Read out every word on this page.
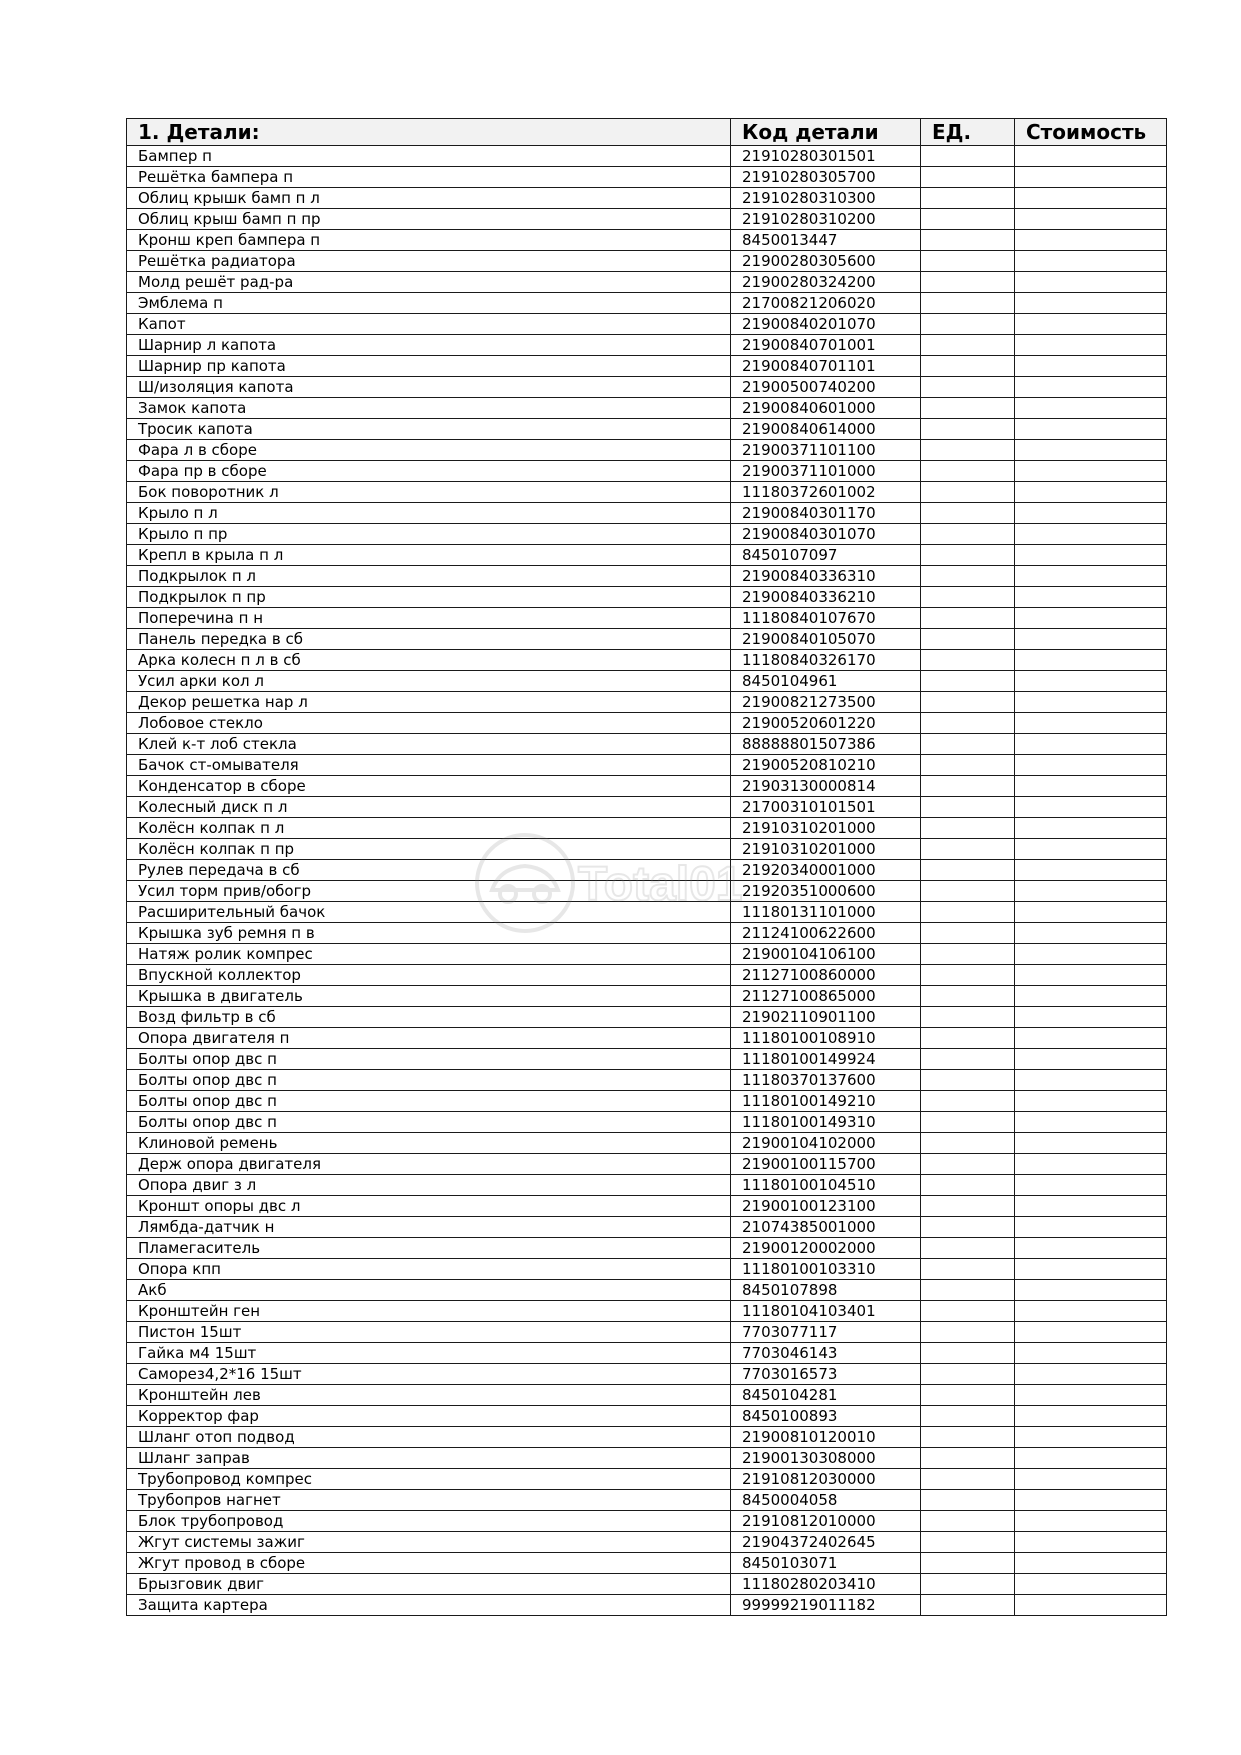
1. Детали:	Код детали	ЕД.	Стоимость
Бампер п	21910280301501		
Решётка бампера п	21910280305700		
Облиц крышк бамп п л	21910280310300		
Облиц крыш бамп п пр	21910280310200		
Кронш креп бампера п	8450013447		
Решётка радиатора	21900280305600		
Молд решёт рад-ра	21900280324200		
Эмблема п	21700821206020		
Капот	21900840201070		
Шарнир л капота	21900840701001		
Шарнир пр капота	21900840701101		
Ш/изоляция капота	21900500740200		
Замок капота	21900840601000		
Тросик капота	21900840614000		
Фара л в сборе	21900371101100		
Фара пр в сборе	21900371101000		
Бок поворотник л	11180372601002		
Крыло п л	21900840301170		
Крыло п пр	21900840301070		
Крепл в крыла п л	8450107097		
Подкрылок п л	21900840336310		
Подкрылок п пр	21900840336210		
Поперечина п н	11180840107670		
Панель передка в сб	21900840105070		
Арка колесн п л в сб	11180840326170		
Усил арки кол л	8450104961		
Декор решетка нар л	21900821273500		
Лобовое стекло	21900520601220		
Клей к-т лоб стекла	88888801507386		
Бачок ст-омывателя	21900520810210		
Конденсатор в сборе	21903130000814		
Колесный диск п л	21700310101501		
Колёсн колпак п л	21910310201000		
Колёсн колпак п пр	21910310201000		
Рулев передача в сб	21920340001000		
Усил торм прив/обогр	21920351000600		
Расширительный бачок	11180131101000		
Крышка зуб ремня п в	21124100622600		
Натяж ролик компрес	21900104106100		
Впускной коллектор	21127100860000		
Крышка в двигатель	21127100865000		
Возд фильтр в сб	21902110901100		
Опора двигателя п	11180100108910		
Болты опор двс п	11180100149924		
Болты опор двс п	11180370137600		
Болты опор двс п	11180100149210		
Болты опор двс п	11180100149310		
Клиновой ремень	21900104102000		
Держ опора двигателя	21900100115700		
Опора двиг з л	11180100104510		
Кроншт опоры двс л	21900100123100		
Лямбда-датчик н	21074385001000		
Пламегаситель	21900120002000		
Опора кпп	11180100103310		
Акб	8450107898		
Кронштейн ген	11180104103401		
Пистон 15шт	7703077117		
Гайка м4 15шт	7703046143		
Саморез4,2*16 15шт	7703016573		
Кронштейн лев	8450104281		
Корректор фар	8450100893		
Шланг отоп подвод	21900810120010		
Шланг заправ	21900130308000		
Трубопровод компрес	21910812030000		
Трубопров нагнет	8450004058		
Блок трубопровод	21910812010000		
Жгут системы зажиг	21904372402645		
Жгут провод в сборе	8450103071		
Брызговик двиг	11180280203410		
Защита картера	99999219011182		
Total01
